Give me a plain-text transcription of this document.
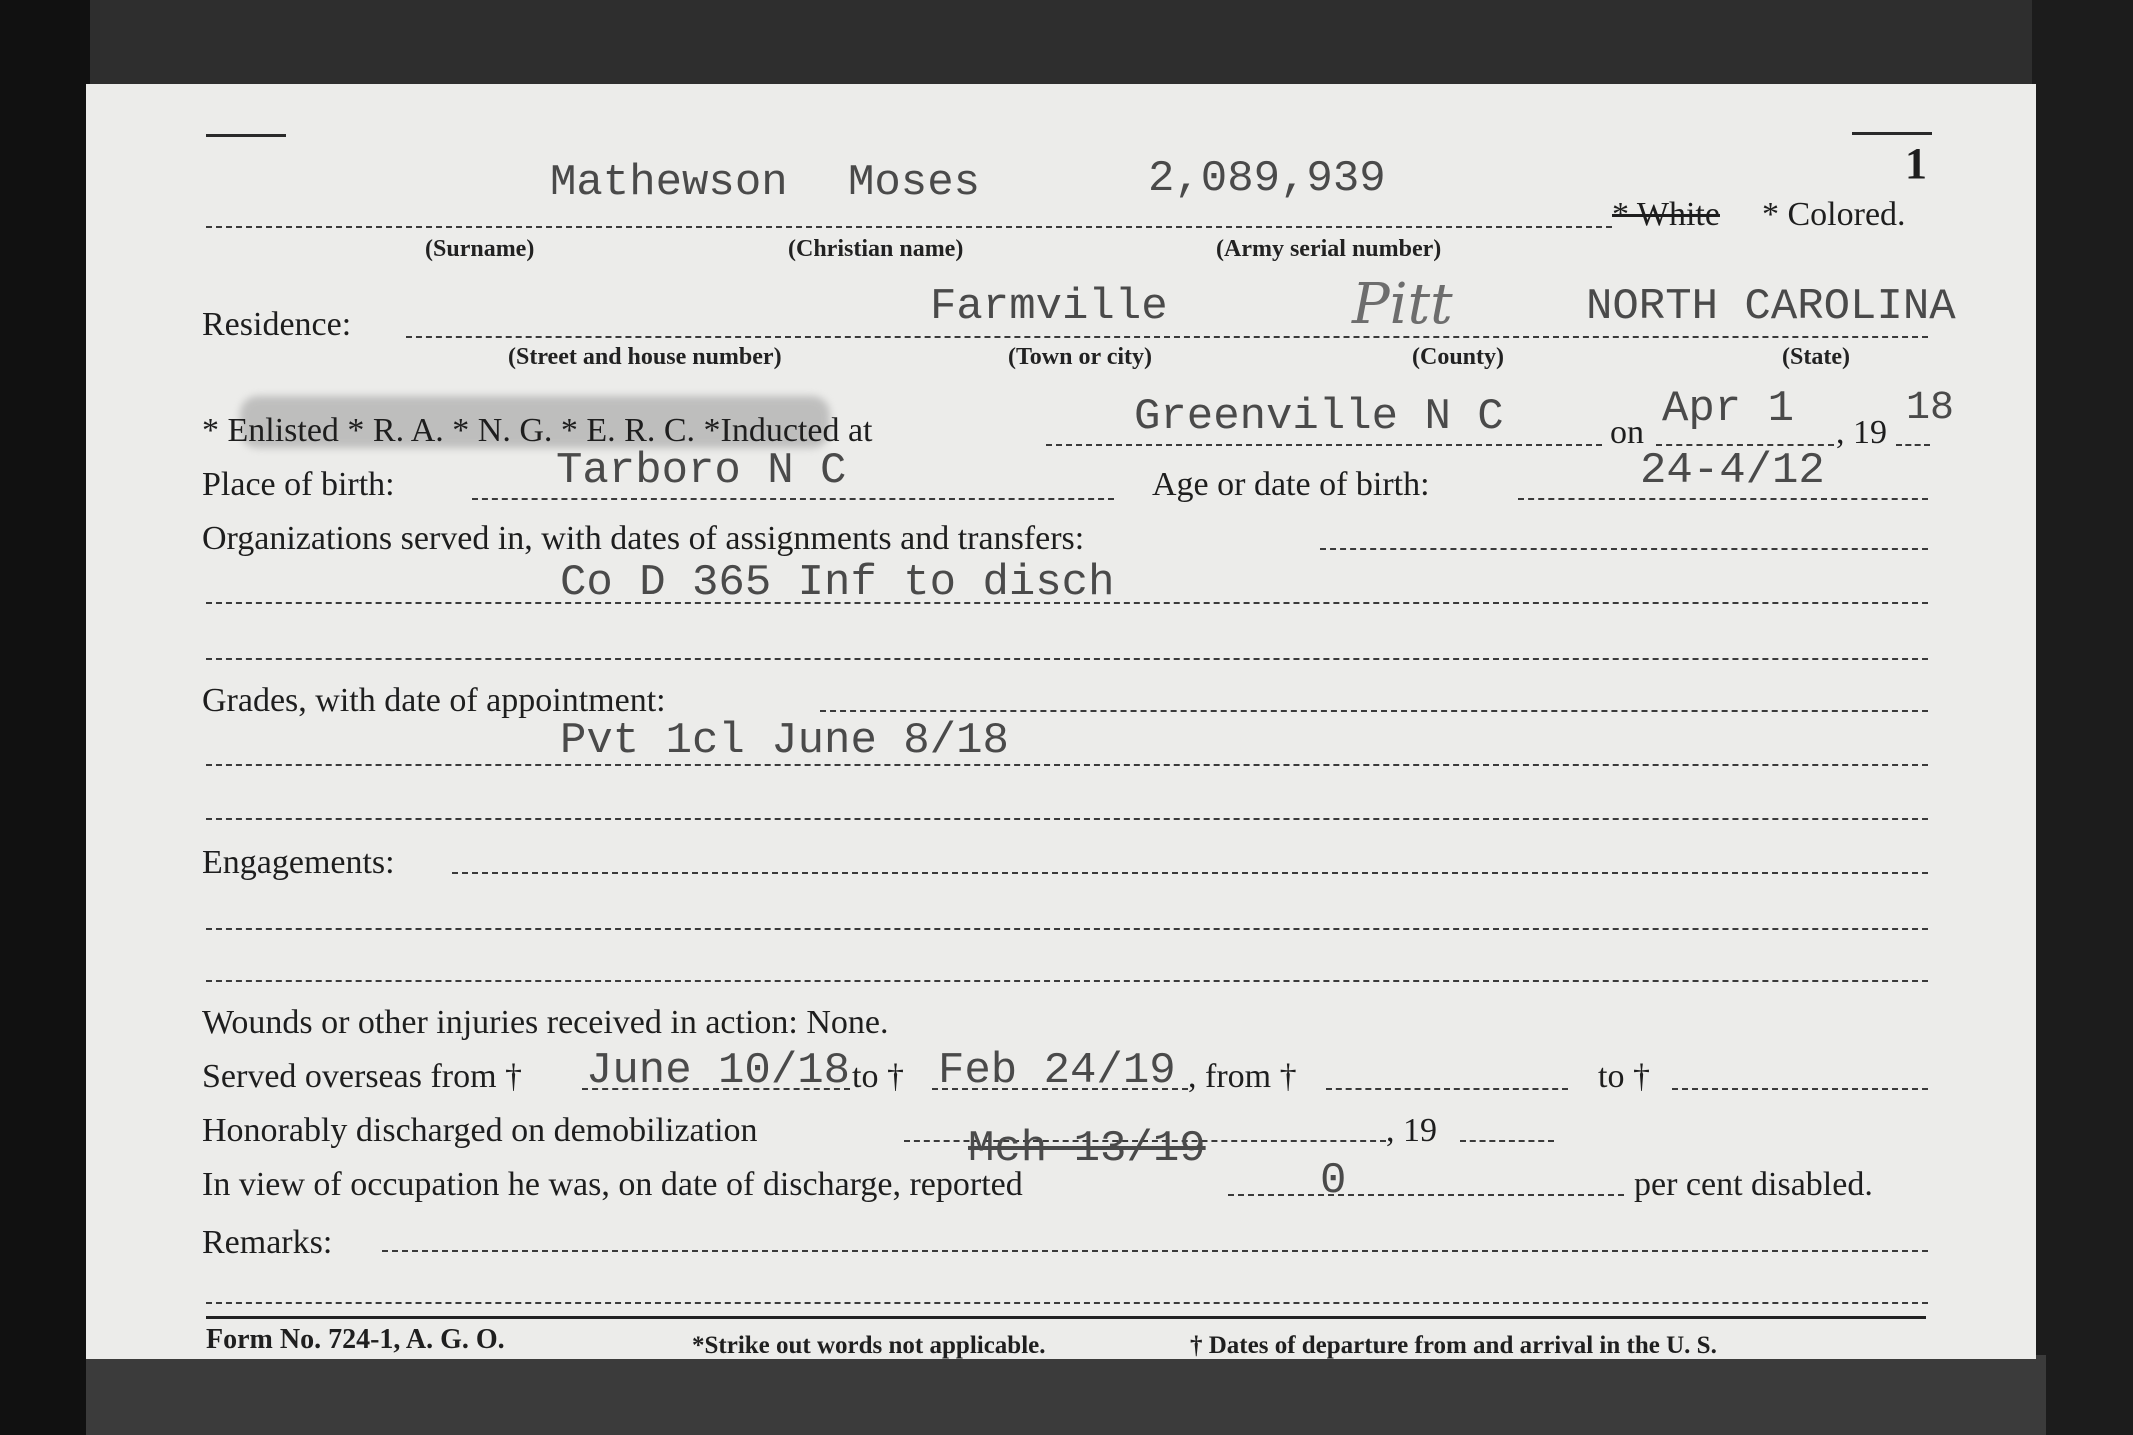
1
Mathewson Moses	2,089,939
* White * Colored.
(Surname)	(Christian name)	(Army serial number)
Residence:	Farmville	Pitt	NORTH CAROLINA
(Street and house number)	(Town or city)	(County)	(State)
* Enlisted * R. A. * N. G. * E. R. C. *Inducted at	Greenville N C	on Apr 1 , 19
18
Place of birth:	Tarboro N C	Age or date of birth:	24-4/12
Organizations served in, with dates of assignments and transfers:
Co D 365 Inf to disch
Grades, with date of appointment:
Pvt 1cl June 8/18
Engagements:
Wounds or other injuries received in action: None.
Served overseas from † June 10/18 to † Feb 24/19 , from †	to †
Honorably discharged on demobilization	Mch 13/19	, 19
In view of occupation he was, on date of discharge, reported	0	per cent disabled.
Remarks:
Form No. 724-1, A. G. O.	*Strike out words not applicable.	† Dates of departure from and arrival in the U. S.
